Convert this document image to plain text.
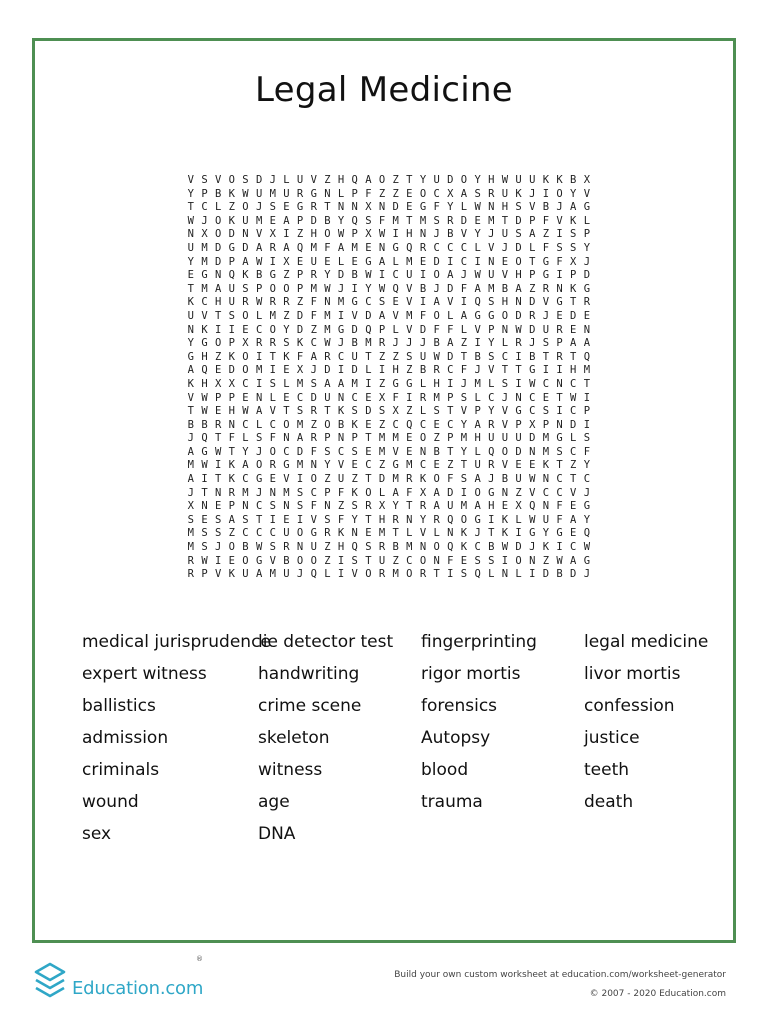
Legal Medicine
V S V O S D J L U V Z H Q A O Z T Y U D O Y H W U U K K B X
Y P B K W U M U R G N L P F Z Z E O C X A S R U K J I O Y V
T C L Z O J S E G R T N N X N D E G F Y L W N H S V B J A G
W J O K U M E A P D B Y Q S F M T M S R D E M T D P F V K L
N X O D N V X I Z H O W P X W I H N J B V Y J U S A Z I S P
U M D G D A R A Q M F A M E N G Q R C C C L V J D L F S S Y
Y M D P A W I X E U E L E G A L M E D I C I N E O T G F X J
E G N Q K B G Z P R Y D B W I C U I O A J W U V H P G I P D
T M A U S P O O P M W J I Y W Q V B J D F A M B A Z R N K G
K C H U R W R R Z F N M G C S E V I A V I Q S H N D V G T R
U V T S O L M Z D F M I V D A V M F O L A G G O D R J E D E
N K I I E C O Y D Z M G D Q P L V D F F L V P N W D U R E N
Y G O P X R R S K C W J B M R J J J B A Z I Y L R J S P A A
G H Z K O I T K F A R C U T Z Z S U W D T B S C I B T R T Q
A Q E D O M I E X J D I D L I H Z B R C F J V T T G I I H M
K H X X C I S L M S A A M I Z G G L H I J M L S I W C N C T
V W P P E N L E C D U N C E X F I R M P S L C J N C E T W I
T W E H W A V T S R T K S D S X Z L S T V P Y V G C S I C P
B B R N C L C O M Z O B K E Z C Q C E C Y A R V P X P N D I
J Q T F L S F N A R P N P T M M E O Z P M H U U U D M G L S
A G W T Y J O C D F S C S E M V E N B T Y L Q O D N M S C F
M W I K A O R G M N Y V E C Z G M C E Z T U R V E E K T Z Y
A I T K C G E V I O Z U Z T D M R K O F S A J B U W N C T C
J T N R M J N M S C P F K O L A F X A D I O G N Z V C C V J
X N E P N C S N S F N Z S R X Y T R A U M A H E X Q N F E G
S E S A S T I E I V S F Y T H R N Y R Q O G I K L W U F A Y
M S S Z C C C U O G R K N E M T L V L N K J T K I G Y G E Q
M S J O B W S R N U Z H Q S R B M N O Q K C B W D J K I C W
R W I E O G V B O O Z I S T U Z C O N F E S S I O N Z W A G
R P V K U A M U J Q L I V O R M O R T I S Q L N L I D B D J
medical jurisprudence
expert witness
ballistics
admission
criminals
wound
sex
lie detector test
handwriting
crime scene
skeleton
witness
age
DNA
fingerprinting
rigor mortis
forensics
Autopsy
blood
trauma
legal medicine
livor mortis
confession
justice
teeth
death
Education.com
®
Build your own custom worksheet at education.com/worksheet-generator
© 2007 - 2020 Education.com
